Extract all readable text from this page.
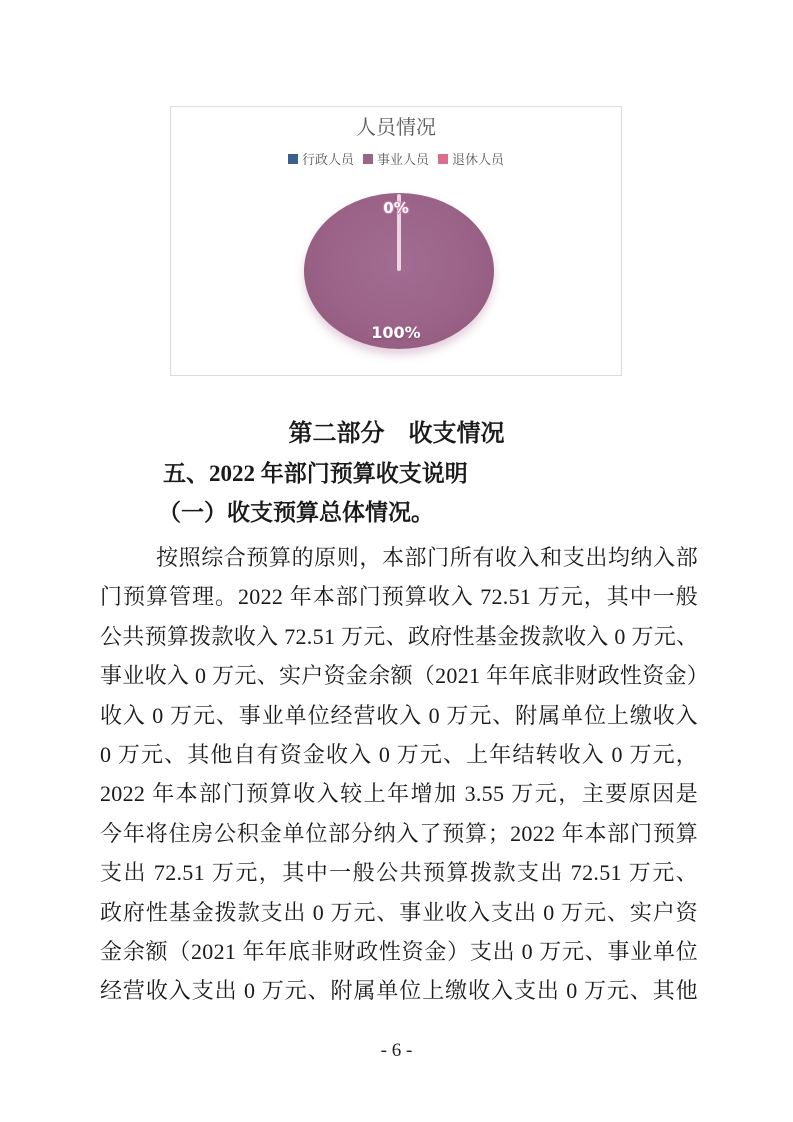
人员情况
行政人员 事业人员 退休人员
0%
100%
第二部分　收支情况
五、2022 年部门预算收支说明
（一）收支预算总体情况。
按照综合预算的原则，本部门所有收入和支出均纳入部
门预算管理。2022 年本部门预算收入 72.51 万元，其中一般
公共预算拨款收入 72.51 万元、政府性基金拨款收入 0 万元、
事业收入 0 万元、实户资金余额（2021 年年底非财政性资金）
收入 0 万元、事业单位经营收入 0 万元、附属单位上缴收入
0 万元、其他自有资金收入 0 万元、上年结转收入 0 万元，
2022 年本部门预算收入较上年增加 3.55 万元，主要原因是
今年将住房公积金单位部分纳入了预算；2022 年本部门预算
支出 72.51 万元，其中一般公共预算拨款支出 72.51 万元、
政府性基金拨款支出 0 万元、事业收入支出 0 万元、实户资
金余额（2021 年年底非财政性资金）支出 0 万元、事业单位
经营收入支出 0 万元、附属单位上缴收入支出 0 万元、其他
- 6 -
